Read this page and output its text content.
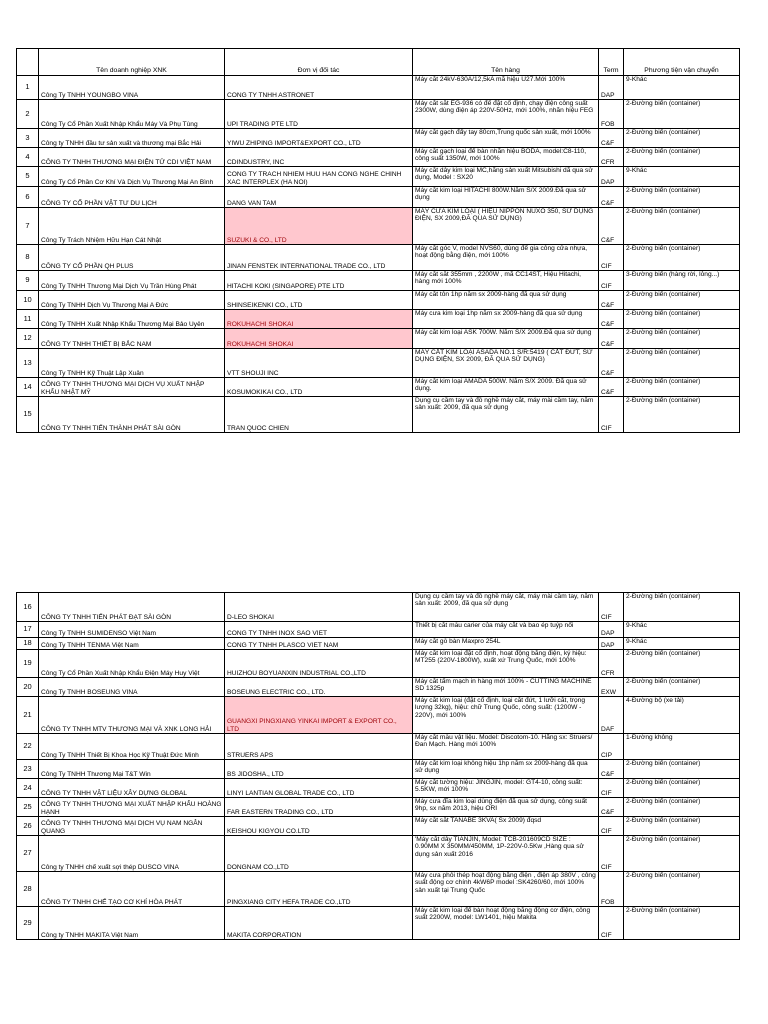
	Tên doanh nghiệp XNK	Đơn vị đối tác	Tên hàng	Term	Phương tiện vận chuyển
1	Công Ty TNHH YOUNGBO VINA	CONG TY TNHH ASTRONET	Máy cắt 24kV-630A/12,5kA mã hiệu U27.Mới 100%	DAP	9-Khác
2	Công Ty Cổ Phần Xuất Nhập Khẩu Máy Và Phụ Tùng	UPI TRADING PTE LTD	Máy cắt sắt EG-936 có đế đặt cố định, chạy điện công suất 2300W, dùng điện áp 220V-50Hz, mới 100%, nhãn hiệu FEG	FOB	2-Đường biển (container)
3	Công ty TNHH đầu tư sản xuất và thương mại Bắc Hải	YIWU ZHIPING IMPORT&EXPORT CO., LTD	Máy cắt gạch đẩy tay 80cm,Trung quốc sản xuất, mới 100%	C&F	2-Đường biển (container)
4	CÔNG TY TNHH THƯƠNG MẠI ĐIỆN TỬ CDI VIỆT NAM	CDINDUSTRY, INC	Máy cắt gạch loại để bàn nhãn hiệu BODA, model:C8-110, công suất 1350W, mới 100%	CFR	2-Đường biển (container)
5	Công Ty Cổ Phần Cơ Khí Và Dịch Vụ Thương Mại An Bình	CONG TY TRACH NHIEM HUU HAN CONG NGHE CHINH XAC INTERPLEX (HA NOI)	Máy cắt dây kim loại MC,hãng sản xuất Mitsubishi dã qua sử dụng, Model : SX20	DAP	9-Khác
6	CÔNG TY CỔ PHẦN VẬT TƯ DU LỊCH	DANG VAN TAM	Máy cắt kim loại HITACHI 800W.Năm S/X 2009.Đã qua sử dụng	C&F	2-Đường biển (container)
7	Công Ty Trách Nhiệm Hữu Hạn Cát Nhật	SUZUKI & CO., LTD	MÁY CƯA KIM LOẠI ( HIỆU NIPPON NUXO 350, SỬ DỤNG ĐIỆN, SX 2009,ĐÃ QUA SỬ DỤNG)	C&F	2-Đường biển (container)
8	CÔNG TY CỔ PHẦN QH PLUS	JINAN FENSTEK INTERNATIONAL TRADE CO., LTD	Máy cắt góc V, model NVS60, dùng để gia công cửa nhựa, hoạt động bằng điện, mới 100%	CIF	2-Đường biển (container)
9	Công Ty TNHH Thương Mại Dịch Vụ Trần Hùng Phát	HITACHI KOKI (SINGAPORE) PTE LTD	Máy cắt sắt 355mm , 2200W , mã CC14ST, Hiệu Hitachi, hàng mới 100%	CIF	3-Đường biển (hàng rời, lỏng...)
10	Công Ty TNHH Dịch Vụ Thương Mại A Đức	SHINSEIKENKI CO., LTD	Máy cắt tôn 1hp năm sx 2009-hàng đã qua sử dụng	C&F	2-Đường biển (container)
11	Công Ty TNHH Xuất Nhập Khẩu Thương Mại Bảo Uyên	ROKUHACHI SHOKAI	Máy cưa kim loại 1hp năm sx 2009-hàng đã qua sử dụng	C&F	2-Đường biển (container)
12	CÔNG TY TNHH THIẾT BỊ BẮC NAM	ROKUHACHI SHOKAI	Máy cắt kim loại ASK 700W. Năm S/X 2009.Đã qua sử dụng	C&F	2-Đường biển (container)
13	Công Ty TNHH Kỹ Thuật Lập Xuân	VTT SHOUJI INC	MÁY CẮT KIM LOẠI ASADA NO.1 S/R:5419 ( CẮT ĐỨT, SỬ DỤNG ĐIỆN, SX 2009, ĐÃ QUA SỬ DỤNG)	C&F	2-Đường biển (container)
14	CÔNG TY TNHH THƯƠNG MẠI DỊCH VỤ XUẤT NHẬP KHẨU NHẬT MỸ	KOSUMOKIKAI CO., LTD	Máy cắt kim loại AMADA 500W. Năm S/X 2009. Đã qua sử dụng.	C&F	2-Đường biển (container)
15	CÔNG TY TNHH TIẾN THÀNH PHÁT SÀI GÒN	TRAN QUOC CHIEN	Dụng cụ cầm tay và đồ nghề máy cắt, máy mài cầm tay, năm sản xuất: 2009, đã qua sử dụng	CIF	2-Đường biển (container)
16	CÔNG TY TNHH TIẾN PHÁT ĐẠT SÀI GÒN	D-LEO SHOKAI	Dụng cụ cầm tay và đồ nghề máy cắt, máy mài cầm tay, năm sản xuất: 2009, đã qua sử dụng	CIF	2-Đường biển (container)
17	Công Ty TNHH SUMIDENSO Việt Nam	CONG TY TNHH INOX SAO VIET	Thiết bị cắt mẫu carier của máy cắt và bao ép tuýp nối	DAP	9-Khác
18	Công Ty TNHH TENMA Việt Nam	CONG TY TNHH PLASCO VIET NAM	Máy cắt gỗ bàn Maxpro 254L	DAP	9-Khác
19	Công Ty Cổ Phần Xuất Nhập Khẩu Điện Máy Huy Việt	HUIZHOU BOYUANXIN INDUSTRIAL CO.,LTD	Máy cắt kim loại đặt cố định, hoạt động bằng điện, ký hiệu: MT255 (220V-1800W), xuất xứ Trung Quốc, mới 100%	CFR	2-Đường biển (container)
20	Công Ty TNHH BOSEUNG VINA	BOSEUNG ELECTRIC CO., LTD.	Máy cắt tấm mạch in hàng mới 100% - CUTTING MACHINE SD 1325p	EXW	2-Đường biển (container)
21	CÔNG TY TNHH MTV THƯƠNG MẠI VÀ XNK LONG HẢI	GUANGXI PINGXIANG YINKAI IMPORT & EXPORT CO., LTD	Máy cắt kim loại (đặt cố định, loại cắt đứt, 1 lưỡi cắt, trọng lượng 32kg), hiệu: chữ Trung Quốc, công suất: (1200W - 220V), mới 100%	DAF	4-Đường bộ (xe tải)
22	Công Ty TNHH Thiết Bị Khoa Học Kỹ Thuật Đức Minh	STRUERS APS	Máy cắt mẫu vật liệu. Model: Discotom-10. Hãng sx: Struers/ Đan Mạch. Hàng mới 100%	CIP	1-Đường không
23	Công Ty TNHH Thương Mại T&T Win	BS JIDOSHA., LTD	Máy cắt kim loại không hiệu 1hp năm sx 2009-hàng đã qua sử dụng	C&F	2-Đường biển (container)
24	CÔNG TY TNHH VẬT LIỆU XÂY DỰNG GLOBAL	LINYI LANTIAN GLOBAL TRADE CO., LTD	Máy cắt tường hiệu: JINGJIN, model: GT4-10, công suất: 5.5KW, mới 100%	CIF	2-Đường biển (container)
25	CÔNG TY TNHH THƯƠNG MẠI XUẤT NHẬP KHẨU HOÀNG HẠNH	FAR EASTERN TRADING CO., LTD	Máy cưa đĩa kim loại dùng điện đã qua sử dụng, công suất 9hp, sx năm 2013, hiệu ORI	C&F	2-Đường biển (container)
26	CÔNG TY TNHH THƯƠNG MẠI DỊCH VỤ NAM NGÂN QUANG	KEISHOU KIGYOU CO.LTD	Máy cắt sắt TANABE 3KVA( Sx 2009) đqsd	CIF	2-Đường biển (container)
27	Công ty TNHH chế xuất sợi thép DUSCO VINA	DONGNAM CO.,LTD	'Máy cắt dây TIANJIN, Model: TCB-201609CD SIZE : 0.90MM X 350MM/450MM, 1P-220V-0.5Kw ,Hàng qua sử dụng sản xuất 2016	CIF	2-Đường biển (container)
28	CÔNG TY TNHH CHẾ TẠO CƠ KHÍ HÒA PHÁT	PINGXIANG CITY HEFA TRADE CO.,LTD	Máy cưa phôi thép hoạt động bằng điện , điện áp 380V , công suất động cơ chính 4kW6P model :SK4260/60, mới 100% sản xuất tại Trung Quốc	FOB	2-Đường biển (container)
29	Công ty TNHH MAKITA Việt Nam	MAKITA CORPORATION	Máy cắt kim loại để bàn hoạt động bằng động cơ điện, công suất 2200W, model: LW1401, hiệu Makita	CIF	2-Đường biển (container)
